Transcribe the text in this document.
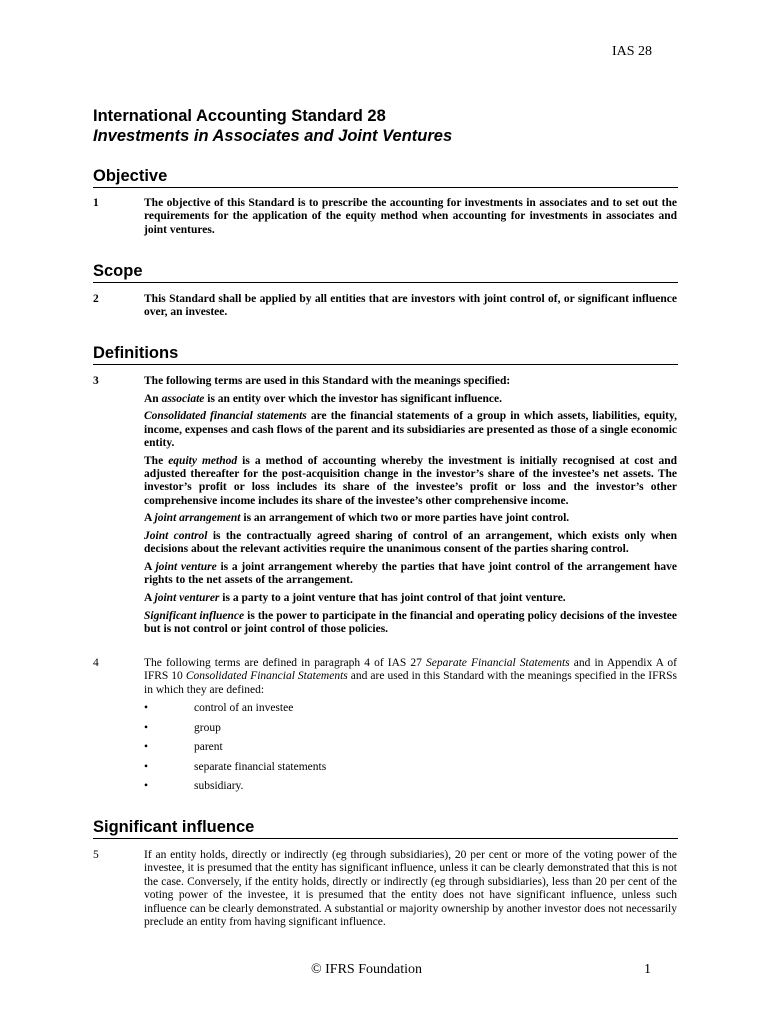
IAS 28
International Accounting Standard 28
Investments in Associates and Joint Ventures
Objective
1	The objective of this Standard is to prescribe the accounting for investments in associates and to set out the requirements for the application of the equity method when accounting for investments in associates and joint ventures.
Scope
2	This Standard shall be applied by all entities that are investors with joint control of, or significant influence over, an investee.
Definitions
3	The following terms are used in this Standard with the meanings specified:
An associate is an entity over which the investor has significant influence.
Consolidated financial statements are the financial statements of a group in which assets, liabilities, equity, income, expenses and cash flows of the parent and its subsidiaries are presented as those of a single economic entity.
The equity method is a method of accounting whereby the investment is initially recognised at cost and adjusted thereafter for the post-acquisition change in the investor’s share of the investee’s net assets. The investor’s profit or loss includes its share of the investee’s profit or loss and the investor’s other comprehensive income includes its share of the investee’s other comprehensive income.
A joint arrangement is an arrangement of which two or more parties have joint control.
Joint control is the contractually agreed sharing of control of an arrangement, which exists only when decisions about the relevant activities require the unanimous consent of the parties sharing control.
A joint venture is a joint arrangement whereby the parties that have joint control of the arrangement have rights to the net assets of the arrangement.
A joint venturer is a party to a joint venture that has joint control of that joint venture.
Significant influence is the power to participate in the financial and operating policy decisions of the investee but is not control or joint control of those policies.
4	The following terms are defined in paragraph 4 of IAS 27 Separate Financial Statements and in Appendix A of IFRS 10 Consolidated Financial Statements and are used in this Standard with the meanings specified in the IFRSs in which they are defined:
•	control of an investee
•	group
•	parent
•	separate financial statements
•	subsidiary.
Significant influence
5	If an entity holds, directly or indirectly (eg through subsidiaries), 20 per cent or more of the voting power of the investee, it is presumed that the entity has significant influence, unless it can be clearly demonstrated that this is not the case. Conversely, if the entity holds, directly or indirectly (eg through subsidiaries), less than 20 per cent of the voting power of the investee, it is presumed that the entity does not have significant influence, unless such influence can be clearly demonstrated. A substantial or majority ownership by another investor does not necessarily preclude an entity from having significant influence.
© IFRS Foundation	1
